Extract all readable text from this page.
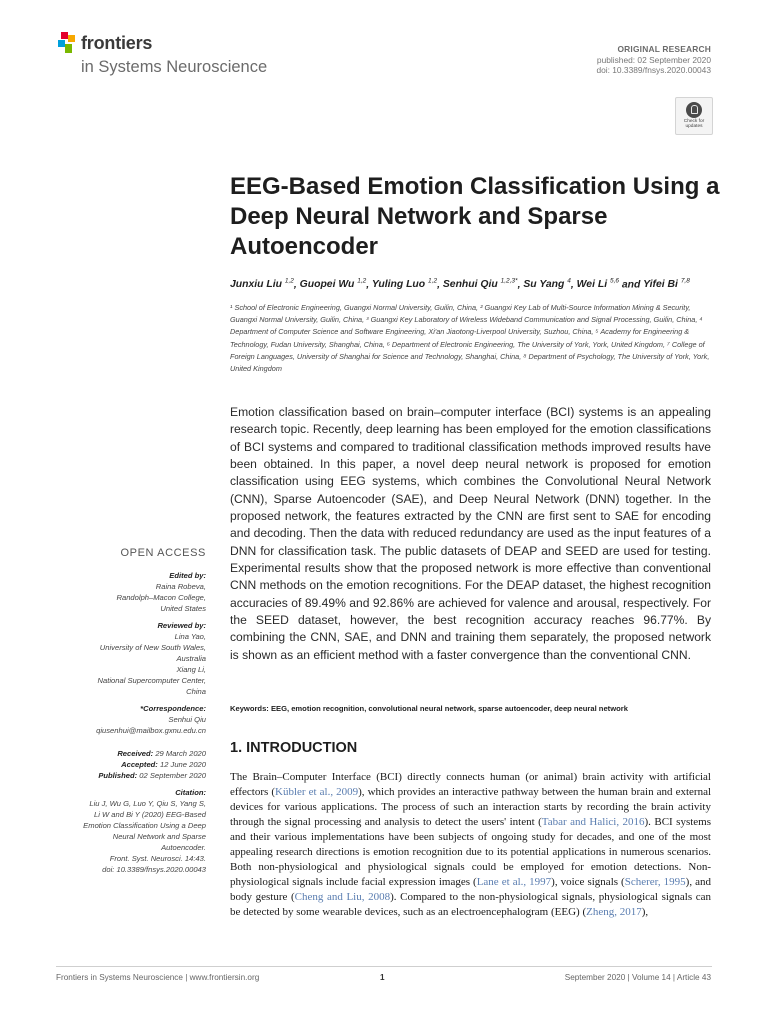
frontiers
in Systems Neuroscience
ORIGINAL RESEARCH
published: 02 September 2020
doi: 10.3389/fnsys.2020.00043
Check for updates
EEG-Based Emotion Classification Using a Deep Neural Network and Sparse Autoencoder
Junxiu Liu $^{1,2}$, Guopei Wu $^{1,2}$, Yuling Luo $^{1,2}$, Senhui Qiu $^{1,2,3*}$, Su Yang $^4$, Wei Li $^{5,6}$ and Yifei Bi $^{7,8}$
¹ School of Electronic Engineering, Guangxi Normal University, Guilin, China, ² Guangxi Key Lab of Multi-Source Information Mining & Security, Guangxi Normal University, Guilin, China, ³ Guangxi Key Laboratory of Wireless Wideband Communication and Signal Processing, Guilin, China, ⁴ Department of Computer Science and Software Engineering, Xi'an Jiaotong-Liverpool University, Suzhou, China, ⁵ Academy for Engineering & Technology, Fudan University, Shanghai, China, ⁶ Department of Electronic Engineering, The University of York, York, United Kingdom, ⁷ College of Foreign Languages, University of Shanghai for Science and Technology, Shanghai, China, ⁸ Department of Psychology, The University of York, York, United Kingdom
Emotion classification based on brain–computer interface (BCI) systems is an appealing research topic. Recently, deep learning has been employed for the emotion classifications of BCI systems and compared to traditional classification methods improved results have been obtained. In this paper, a novel deep neural network is proposed for emotion classification using EEG systems, which combines the Convolutional Neural Network (CNN), Sparse Autoencoder (SAE), and Deep Neural Network (DNN) together. In the proposed network, the features extracted by the CNN are first sent to SAE for encoding and decoding. Then the data with reduced redundancy are used as the input features of a DNN for classification task. The public datasets of DEAP and SEED are used for testing. Experimental results show that the proposed network is more effective than conventional CNN methods on the emotion recognitions. For the DEAP dataset, the highest recognition accuracies of 89.49% and 92.86% are achieved for valence and arousal, respectively. For the SEED dataset, however, the best recognition accuracy reaches 96.77%. By combining the CNN, SAE, and DNN and training them separately, the proposed network is shown as an efficient method with a faster convergence than the conventional CNN.
Keywords: EEG, emotion recognition, convolutional neural network, sparse autoencoder, deep neural network
1. INTRODUCTION

The Brain–Computer Interface (BCI) directly connects human (or animal) brain activity with artificial effectors (Kübler et al., 2009), which provides an interactive pathway between the human brain and external devices for various applications. The process of such an interaction starts by recording the brain activity through the signal processing and analysis to detect the users' intent (Tabar and Halici, 2016). BCI systems and their various implementations have been subjects of ongoing study for decades, and one of the most appealing research directions is emotion recognition due to its potential applications in numerous scenarios. Both non-physiological and physiological signals could be employed for emotion detections. Non-physiological signals include facial expression images (Lane et al., 1997), voice signals (Scherer, 1995), and body gesture (Cheng and Liu, 2008). Compared to the non-physiological signals, physiological signals can be detected by some wearable devices, such as an electroencephalogram (EEG) (Zheng, 2017),

OPEN ACCESS
Edited by:
Raina Robeva,
Randolph–Macon College,
United States
Reviewed by:
Lina Yao,
University of New South Wales,
Australia
Xiang Li,
National Supercomputer Center,
China
*Correspondence:
Senhui Qiu
qiusenhui@mailbox.gxnu.edu.cn
Received: 29 March 2020
Accepted: 12 June 2020
Published: 02 September 2020
Citation:
Liu J, Wu G, Luo Y, Qiu S, Yang S,
Li W and Bi Y (2020) EEG-Based
Emotion Classification Using a Deep
Neural Network and Sparse
Autoencoder.
Front. Syst. Neurosci. 14:43.
doi: 10.3389/fnsys.2020.00043
Frontiers in Systems Neuroscience | www.frontiersin.org	1	September 2020 | Volume 14 | Article 43
